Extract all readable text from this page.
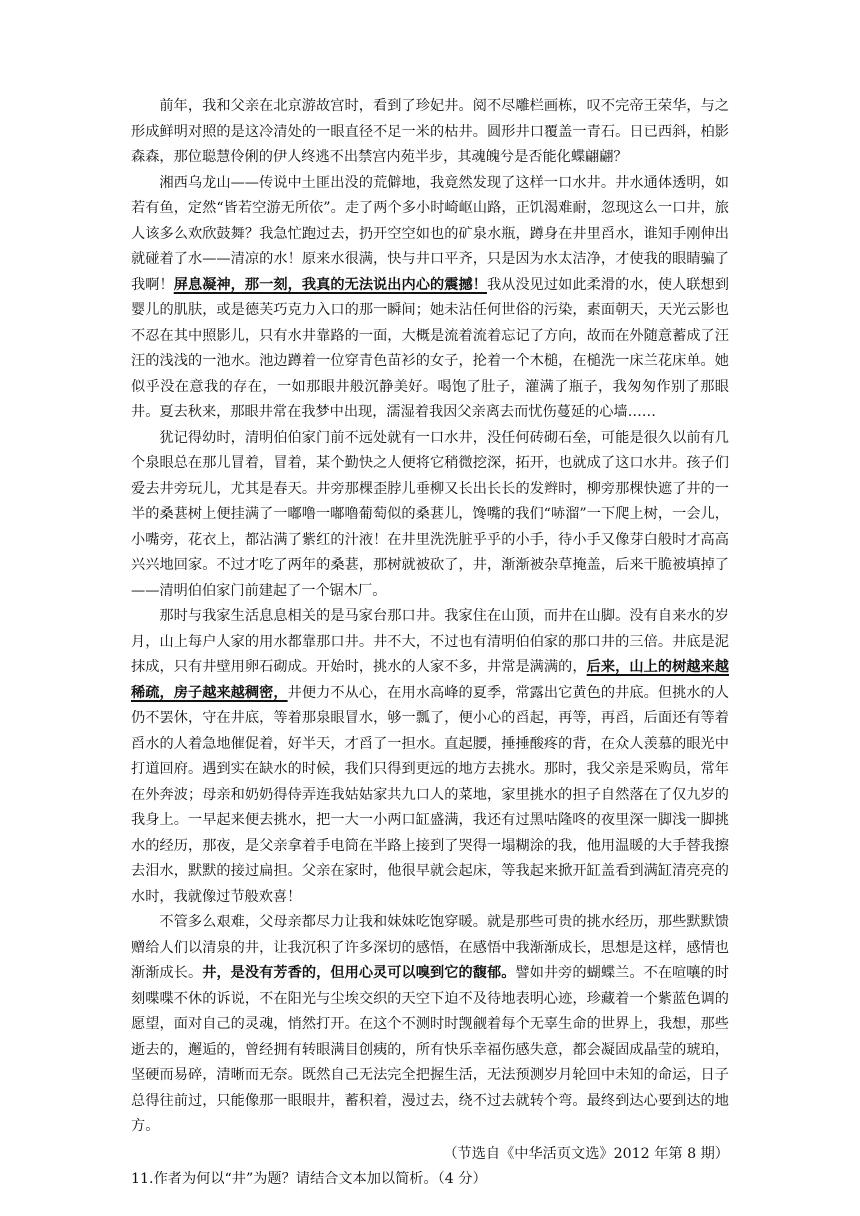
前年，我和父亲在北京游故宫时，看到了珍妃井。阅不尽雕栏画栋，叹不完帝王荣华，与之形成鲜明对照的是这冷清处的一眼直径不足一米的枯井。圆形井口覆盖一青石。日已西斜，柏影森森，那位聪慧伶俐的伊人终逃不出禁宫内苑半步，其魂魄兮是否能化蝶翩翩？

湘西乌龙山——传说中土匪出没的荒僻地，我竟然发现了这样一口水井。井水通体透明，如若有鱼，定然“皆若空游无所依”。走了两个多小时崎岖山路，正饥渴难耐，忽现这么一口井，旅人该多么欢欣鼓舞？我急忙跑过去，扔开空空如也的矿泉水瓶，蹲身在井里舀水，谁知手刚伸出就碰着了水——清凉的水！原来水很满，快与井口平齐，只是因为水太洁净，才使我的眼睛骗了我啊！屏息凝神，那一刻，我真的无法说出内心的震撼！我从没见过如此柔滑的水，使人联想到婴儿的肌肤，或是德芙巧克力入口的那一瞬间；她未沾任何世俗的污染，素面朝天，天光云影也不忍在其中照影儿，只有水井靠路的一面，大概是流着流着忘记了方向，故而在外随意蓄成了汪汪的浅浅的一池水。池边蹲着一位穿青色苗衫的女子，抡着一个木槌，在槌洗一床兰花床单。她似乎没在意我的存在，一如那眼井般沉静美好。喝饱了肚子，灌满了瓶子，我匆匆作别了那眼井。夏去秋来，那眼井常在我梦中出现，濡湿着我因父亲离去而忧伤蔓延的心墙……

犹记得幼时，清明伯伯家门前不远处就有一口水井，没任何砖砌石垒，可能是很久以前有几个泉眼总在那儿冒着，冒着，某个勤快之人便将它稍微挖深，拓开，也就成了这口水井。孩子们爱去井旁玩儿，尤其是春天。井旁那棵歪脖儿垂柳又长出长长的发辫时，柳旁那棵快遮了井的一半的桑葚树上便挂满了一嘟噜一嘟噜葡萄似的桑葚儿，馋嘴的我们“哧溜”一下爬上树，一会儿，小嘴旁，花衣上，都沾满了紫红的汁液！在井里洗洗脏乎乎的小手，待小手又像芽白般时才高高兴兴地回家。不过才吃了两年的桑葚，那树就被砍了，井，渐渐被杂草掩盖，后来干脆被填掉了——清明伯伯家门前建起了一个锯木厂。

那时与我家生活息息相关的是马家台那口井。我家住在山顶，而井在山脚。没有自来水的岁月，山上每户人家的用水都靠那口井。井不大，不过也有清明伯伯家的那口井的三倍。井底是泥抹成，只有井壁用卵石砌成。开始时，挑水的人家不多，井常是满满的，后来，山上的树越来越稀疏，房子越来越稠密，井便力不从心，在用水高峰的夏季，常露出它黄色的井底。但挑水的人仍不罢休，守在井底，等着那泉眼冒水，够一瓢了，便小心的舀起，再等，再舀，后面还有等着舀水的人着急地催促着，好半天，才舀了一担水。直起腰，捶捶酸疼的背，在众人羡慕的眼光中打道回府。遇到实在缺水的时候，我们只得到更远的地方去挑水。那时，我父亲是采购员，常年在外奔波；母亲和奶奶得侍弄连我姑姑家共九口人的菜地，家里挑水的担子自然落在了仅九岁的我身上。一早起来便去挑水，把一大一小两口缸盛满，我还有过黑咕隆咚的夜里深一脚浅一脚挑水的经历，那夜，是父亲拿着手电筒在半路上接到了哭得一塌糊涂的我，他用温暖的大手替我擦去泪水，默默的接过扁担。父亲在家时，他很早就会起床，等我起来掀开缸盖看到满缸清亮亮的水时，我就像过节般欢喜！

不管多么艰难，父母亲都尽力让我和妹妹吃饱穿暖。就是那些可贵的挑水经历，那些默默馈赠给人们以清泉的井，让我沉积了许多深切的感悟，在感悟中我渐渐成长，思想是这样，感情也渐渐成长。井，是没有芳香的，但用心灵可以嗅到它的馥郁。譬如井旁的蝴蝶兰。不在喧嚷的时刻喋喋不休的诉说，不在阳光与尘埃交织的天空下迫不及待地表明心迹，珍藏着一个紫蓝色调的愿望，面对自己的灵魂，悄然打开。在这个不测时时觊觎着每个无辜生命的世界上，我想，那些逝去的，邂逅的，曾经拥有转眼满目创痍的，所有快乐幸福伤感失意，都会凝固成晶莹的琥珀，坚硬而易碎，清晰而无奈。既然自己无法完全把握生活，无法预测岁月轮回中未知的命运，日子总得往前过，只能像那一眼眼井，蓄积着，漫过去，绕不过去就转个弯。最终到达心要到达的地方。

（节选自《中华活页文选》2012 年第 8 期）

11.作者为何以“井”为题？请结合文本加以简析。（4 分）
